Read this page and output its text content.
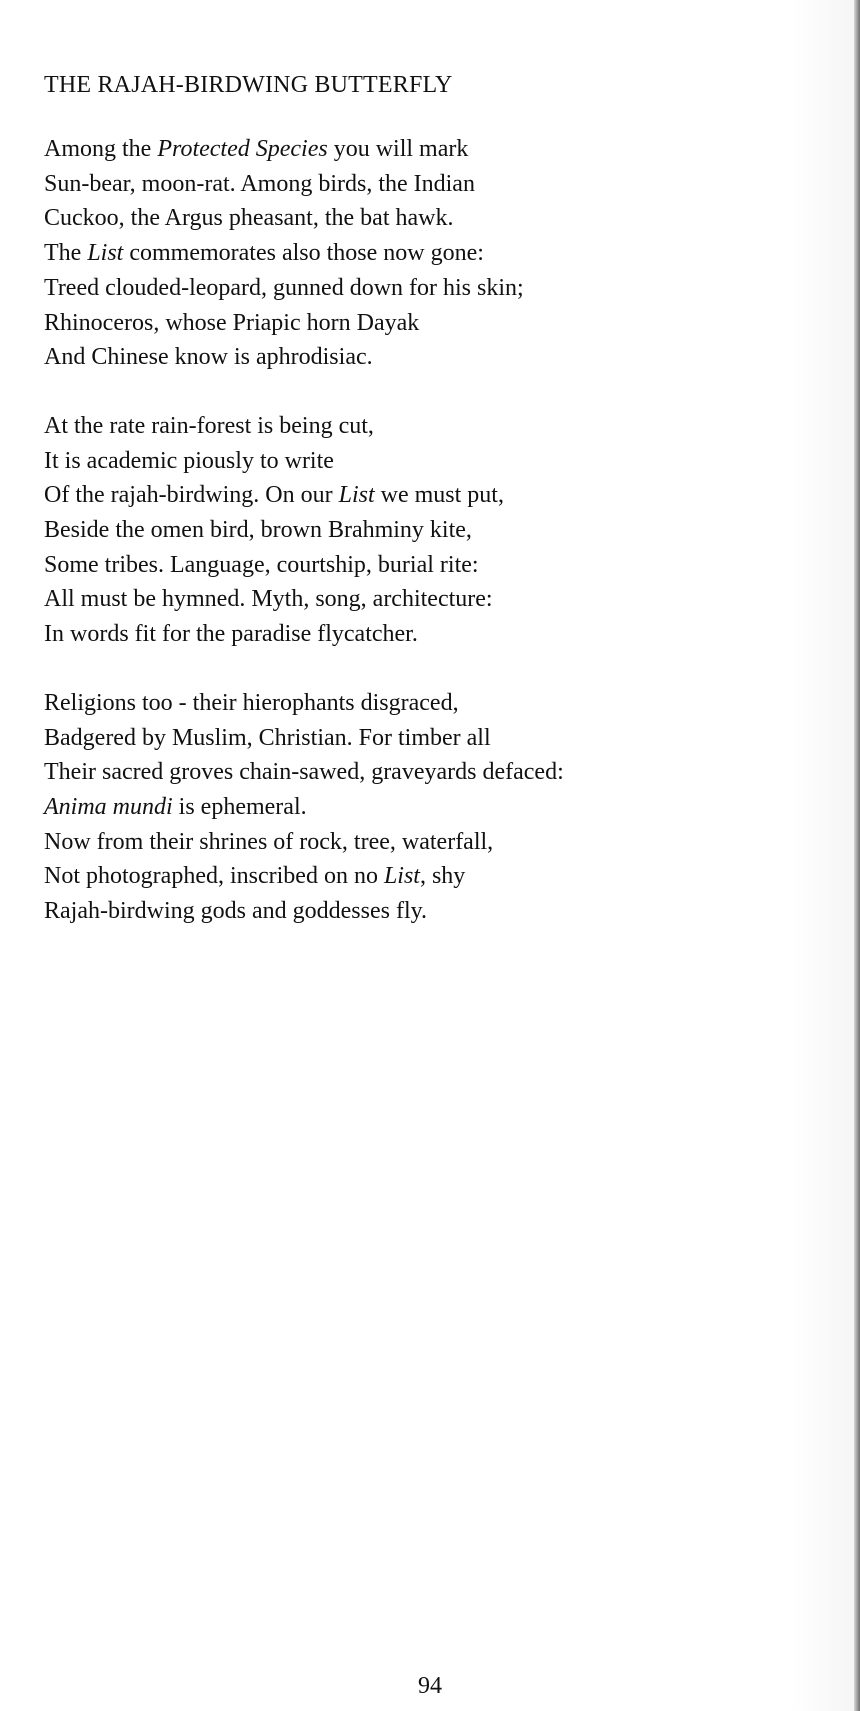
THE RAJAH-BIRDWING BUTTERFLY
Among the Protected Species you will mark
Sun-bear, moon-rat. Among birds, the Indian
Cuckoo, the Argus pheasant, the bat hawk.
The List commemorates also those now gone:
Treed clouded-leopard, gunned down for his skin;
Rhinoceros, whose Priapic horn Dayak
And Chinese know is aphrodisiac.
At the rate rain-forest is being cut,
It is academic piously to write
Of the rajah-birdwing. On our List we must put,
Beside the omen bird, brown Brahminy kite,
Some tribes. Language, courtship, burial rite:
All must be hymned. Myth, song, architecture:
In words fit for the paradise flycatcher.
Religions too - their hierophants disgraced,
Badgered by Muslim, Christian. For timber all
Their sacred groves chain-sawed, graveyards defaced:
Anima mundi is ephemeral.
Now from their shrines of rock, tree, waterfall,
Not photographed, inscribed on no List, shy
Rajah-birdwing gods and goddesses fly.
94
